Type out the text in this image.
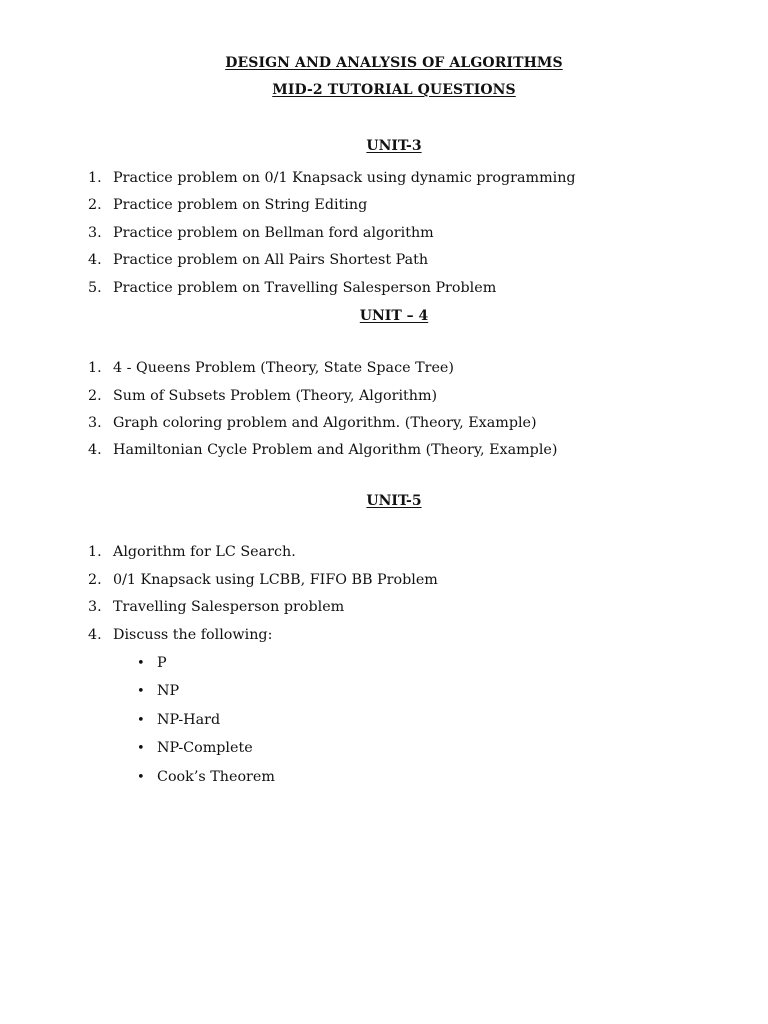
DESIGN AND ANALYSIS OF ALGORITHMS
MID-2 TUTORIAL QUESTIONS
UNIT-3
1. Practice problem on 0/1 Knapsack using dynamic programming
2. Practice problem on String Editing
3. Practice problem on Bellman ford algorithm
4. Practice problem on All Pairs Shortest Path
5. Practice problem on Travelling Salesperson Problem
UNIT – 4
1. 4 - Queens Problem (Theory, State Space Tree)
2. Sum of Subsets Problem (Theory, Algorithm)
3. Graph coloring problem and Algorithm. (Theory, Example)
4. Hamiltonian Cycle Problem and Algorithm (Theory, Example)
UNIT-5
1. Algorithm for LC Search.
2. 0/1 Knapsack using LCBB, FIFO BB Problem
3. Travelling Salesperson problem
4. Discuss the following:
• P
• NP
• NP-Hard
• NP-Complete
• Cook’s Theorem
